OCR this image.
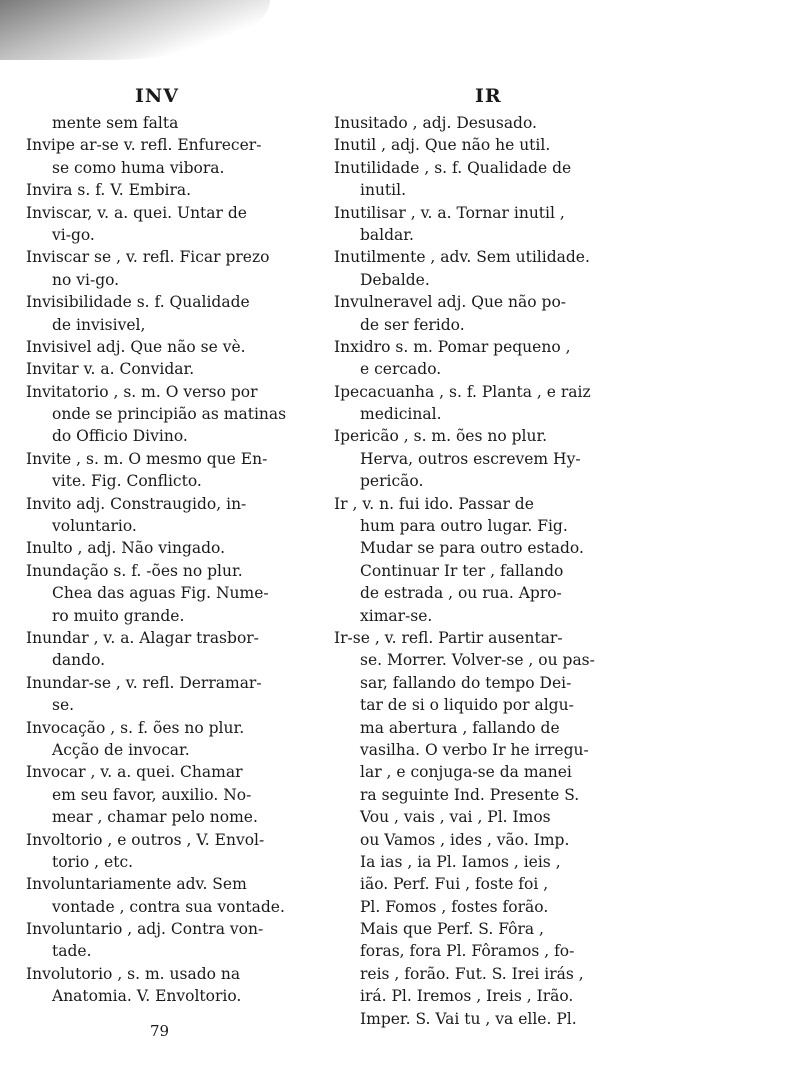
INV	IR
mente sem falta
Invipe ar-se v. refl. Enfurecer-
se como huma vibora.
Invira s. f. V. Embira.
Inviscar, v. a. quei. Untar de
vi-go.
Inviscar se , v. refl. Ficar prezo
no vi-go.
Invisibilidade s. f. Qualidade
de invisivel,
Invisivel adj. Que não se vè.
Invitar v. a. Convidar.
Invitatorio , s. m. O verso por
onde se principião as matinas
do Officio Divino.
Invite , s. m. O mesmo que En-
vite. Fig. Conflicto.
Invito adj. Constraugido, in-
voluntario.
Inulto , adj. Não vingado.
Inundação s. f. -ões no plur.
Chea das aguas Fig. Nume-
ro muito grande.
Inundar , v. a. Alagar trasbor-
dando.
Inundar-se , v. refl. Derramar-
se.
Invocação , s. f. ões no plur.
Acção de invocar.
Invocar , v. a. quei. Chamar
em seu favor, auxilio. No-
mear , chamar pelo nome.
Involtorio , e outros , V. Envol-
torio , etc.
Involuntariamente adv. Sem
vontade , contra sua vontade.
Involuntario , adj. Contra von-
tade.
Involutorio , s. m. usado na
Anatomia. V. Envoltorio.
Inusitado , adj. Desusado.
Inutil , adj. Que não he util.
Inutilidade , s. f. Qualidade de
inutil.
Inutilisar , v. a. Tornar inutil ,
baldar.
Inutilmente , adv. Sem utilidade.
Debalde.
Invulneravel adj. Que não po-
de ser ferido.
Inxidro s. m. Pomar pequeno ,
e cercado.
Ipecacuanha , s. f. Planta , e raiz
medicinal.
Ipericão , s. m. ões no plur.
Herva, outros escrevem Hy-
pericão.
Ir , v. n. fui ido. Passar de
hum para outro lugar. Fig.
Mudar se para outro estado.
Continuar Ir ter , fallando
de estrada , ou rua. Apro-
ximar-se.
Ir-se , v. refl. Partir ausentar-
se. Morrer. Volver-se , ou pas-
sar, fallando do tempo Dei-
tar de si o liquido por algu-
ma abertura , fallando de
vasilha. O verbo Ir he irregu-
lar , e conjuga-se da manei
ra seguinte Ind. Presente S.
Vou , vais , vai , Pl. Imos
ou Vamos , ides , vão. Imp.
Ia ias , ia Pl. Iamos , ieis ,
ião. Perf. Fui , foste foi ,
Pl. Fomos , fostes forão.
Mais que Perf. S. Fôra ,
foras, fora Pl. Fôramos , fo-
reis , forão. Fut. S. Irei irás ,
irá. Pl. Iremos , Ireis , Irão.
Imper. S. Vai tu , va elle. Pl.
79
